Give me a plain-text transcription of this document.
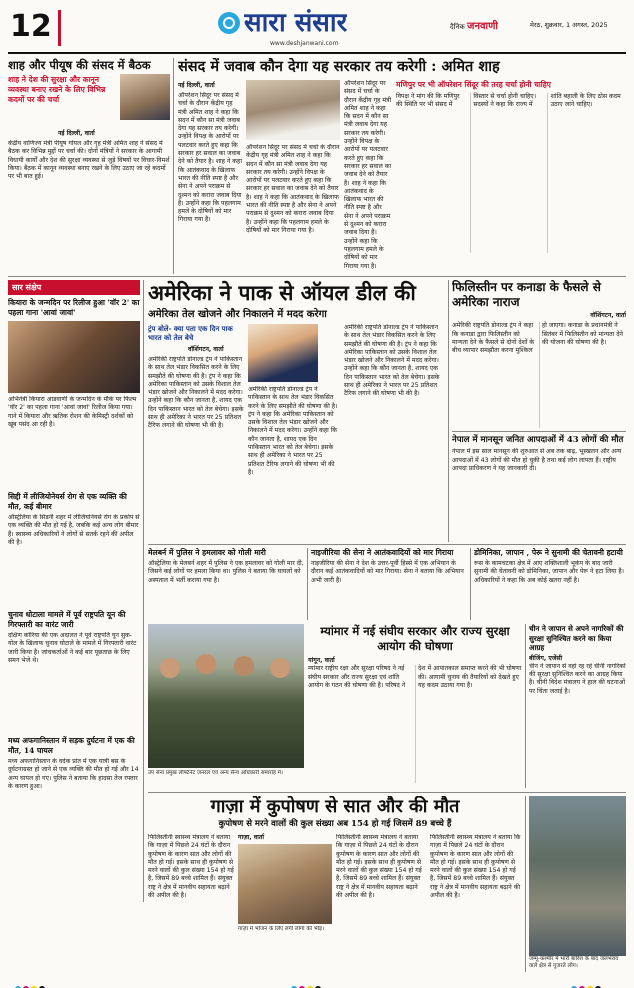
12	सारा संसार
www.deshjanwani.com
दैनिक जनवाणी	मेरठ, शुक्रवार, 1 अगस्त, 2025
शाह और पीयूष की संसद में बैठक
शाह ने देश की सुरक्षा और कानून व्यवस्था बनाए रखने के लिए विभिन्न कदमों पर की चर्चा
नई दिल्ली, वार्ता
केंद्रीय वाणिज्य मंत्री पीयूष गोयल और गृह मंत्री अमित शाह ने संसद में बैठक कर विभिन्न मुद्दों पर चर्चा की। दोनों मंत्रियों ने सरकार के आगामी विधायी कार्यों और देश की सुरक्षा व्यवस्था से जुड़े विषयों पर विचार-विमर्श किया। बैठक में कानून व्यवस्था बनाए रखने के लिए उठाए जा रहे कदमों पर भी बात हुई।
संसद में जवाब कौन देगा यह सरकार तय करेगी : अमित शाह
नई दिल्ली, वार्ता
ऑपरेशन सिंदूर पर संसद में चर्चा के दौरान केंद्रीय गृह मंत्री अमित शाह ने कहा कि सदन में कौन सा मंत्री जवाब देगा यह सरकार तय करेगी। उन्होंने विपक्ष के आरोपों पर पलटवार करते हुए कहा कि सरकार हर सवाल का जवाब देने को तैयार है। शाह ने कहा कि आतंकवाद के खिलाफ भारत की नीति स्पष्ट है और सेना ने अपने पराक्रम से दुश्मन को करारा जवाब दिया है। उन्होंने कहा कि पहलगाम हमले के दोषियों को मार गिराया गया है।
ऑपरेशन सिंदूर पर संसद में चर्चा के दौरान केंद्रीय गृह मंत्री अमित शाह ने कहा कि सदन में कौन सा मंत्री जवाब देगा यह सरकार तय करेगी। उन्होंने विपक्ष के आरोपों पर पलटवार करते हुए कहा कि सरकार हर सवाल का जवाब देने को तैयार है। शाह ने कहा कि आतंकवाद के खिलाफ भारत की नीति स्पष्ट है और सेना ने अपने पराक्रम से दुश्मन को करारा जवाब दिया है। उन्होंने कहा कि पहलगाम हमले के दोषियों को मार गिराया गया है।
ऑपरेशन सिंदूर पर संसद में चर्चा के दौरान केंद्रीय गृह मंत्री अमित शाह ने कहा कि सदन में कौन सा मंत्री जवाब देगा यह सरकार तय करेगी। उन्होंने विपक्ष के आरोपों पर पलटवार करते हुए कहा कि सरकार हर सवाल का जवाब देने को तैयार है। शाह ने कहा कि आतंकवाद के खिलाफ भारत की नीति स्पष्ट है और सेना ने अपने पराक्रम से दुश्मन को करारा जवाब दिया है। उन्होंने कहा कि पहलगाम हमले के दोषियों को मार गिराया गया है।
मणिपुर पर भी ऑपरेशन सिंदूर की तरह चर्चा होनी चाहिए
विपक्ष ने मांग की कि मणिपुर की स्थिति पर भी संसद में विस्तार से चर्चा होनी चाहिए। सदस्यों ने कहा कि राज्य में शांति बहाली के लिए ठोस कदम उठाए जाने चाहिए।
सार संक्षेप
कियारा के जन्मदिन पर रिलीज हुआ 'वॉर 2' का पहला गाना 'आवां जावां'
अभिनेत्री कियारा आडवाणी के जन्मदिन के मौके पर फिल्म 'वॉर 2' का पहला गाना 'आवां जावां' रिलीज किया गया। गाने में कियारा और ऋतिक रोशन की केमिस्ट्री दर्शकों को खूब पसंद आ रही है।
सिद्दी में लीजियोनेयर्स रोग से एक व्यक्ति की मौत, कई बीमार
ऑस्ट्रेलिया के सिडनी शहर में लीजियोनेयर्स रोग के प्रकोप से एक व्यक्ति की मौत हो गई है, जबकि कई अन्य लोग बीमार हैं। स्वास्थ्य अधिकारियों ने लोगों से सतर्क रहने की अपील की है।
चुनाव धोटाला मामले में पूर्व राष्ट्रपति यून की गिरफ्तारी का वारंट जारी
दक्षिण कोरिया की एक अदालत ने पूर्व राष्ट्रपति यून सुक-योल के खिलाफ चुनाव घोटाले के मामले में गिरफ्तारी वारंट जारी किया है। जांचकर्ताओं ने कई बार पूछताछ के लिए समन भेजे थे।
मध्य अफगानिस्तान में सड़क दुर्घटना में एक की मौत, 14 घायल
मध्य अफगानिस्तान के वर्दक प्रांत में एक यात्री बस के दुर्घटनाग्रस्त हो जाने से एक व्यक्ति की मौत हो गई और 14 अन्य घायल हो गए। पुलिस ने बताया कि हादसा तेज रफ्तार के कारण हुआ।
अमेरिका ने पाक से ऑयल डील की
अमेरिका तेल खोजने और निकालने में मदद करेगा
ट्रंप बोले- क्या पता एक दिन पाक भारत को तेल बेचे
वॉशिंगटन, वार्ता
अमेरिकी राष्ट्रपति डोनाल्ड ट्रंप ने पाकिस्तान के साथ तेल भंडार विकसित करने के लिए समझौते की घोषणा की है। ट्रंप ने कहा कि अमेरिका पाकिस्तान को उसके विशाल तेल भंडार खोजने और निकालने में मदद करेगा। उन्होंने कहा कि कौन जानता है, शायद एक दिन पाकिस्तान भारत को तेल बेचेगा। इसके साथ ही अमेरिका ने भारत पर 25 प्रतिशत टैरिफ लगाने की घोषणा भी की है।
अमेरिकी राष्ट्रपति डोनाल्ड ट्रंप ने पाकिस्तान के साथ तेल भंडार विकसित करने के लिए समझौते की घोषणा की है। ट्रंप ने कहा कि अमेरिका पाकिस्तान को उसके विशाल तेल भंडार खोजने और निकालने में मदद करेगा। उन्होंने कहा कि कौन जानता है, शायद एक दिन पाकिस्तान भारत को तेल बेचेगा। इसके साथ ही अमेरिका ने भारत पर 25 प्रतिशत टैरिफ लगाने की घोषणा भी की है।
अमेरिकी राष्ट्रपति डोनाल्ड ट्रंप ने पाकिस्तान के साथ तेल भंडार विकसित करने के लिए समझौते की घोषणा की है। ट्रंप ने कहा कि अमेरिका पाकिस्तान को उसके विशाल तेल भंडार खोजने और निकालने में मदद करेगा। उन्होंने कहा कि कौन जानता है, शायद एक दिन पाकिस्तान भारत को तेल बेचेगा। इसके साथ ही अमेरिका ने भारत पर 25 प्रतिशत टैरिफ लगाने की घोषणा भी की है।
फिलिस्तीन पर कनाडा के फैसले से अमेरिका नाराज
वॉशिंगटन, वार्ता
अमेरिकी राष्ट्रपति डोनाल्ड ट्रंप ने कहा कि कनाडा द्वारा फिलिस्तीन को मान्यता देने के फैसले से दोनों देशों के बीच व्यापार समझौता करना मुश्किल हो जाएगा। कनाडा के प्रधानमंत्री ने सितंबर में फिलिस्तीन को मान्यता देने की योजना की घोषणा की है।
नेपाल में मानसून जनित आपदाओं में 43 लोगों की मौत
नेपाल में इस साल मानसून की शुरुआत से अब तक बाढ़, भूस्खलन और अन्य आपदाओं में 43 लोगों की मौत हो चुकी है तथा कई लोग लापता हैं। राष्ट्रीय आपदा प्राधिकरण ने यह जानकारी दी।
मेलबर्न में पुलिस ने हमलावर को गोली मारी
ऑस्ट्रेलिया के मेलबर्न शहर में पुलिस ने एक हमलावर को गोली मार दी, जिसने कई लोगों पर हमला किया था। पुलिस ने बताया कि घायलों को अस्पताल में भर्ती कराया गया है।
नाइजीरिया की सेना ने आतंकवादियों को मार गिराया
नाइजीरिया की सेना ने देश के उत्तर-पूर्वी हिस्से में एक अभियान के दौरान कई आतंकवादियों को मार गिराया। सेना ने बताया कि अभियान अभी जारी है।
डोमिनिका, जापान , पेरू ने सुनामी की चेतावनी हटायी
रूस के कामचटका क्षेत्र में आए शक्तिशाली भूकंप के बाद जारी सुनामी की चेतावनी को डोमिनिका, जापान और पेरू ने हटा लिया है। अधिकारियों ने कहा कि अब कोई खतरा नहीं है।
उप सेना प्रमुख लेफ्टिनेंट जनरल एवं अन्य सैन्य अधिकारी समारोह में।
म्यांमार में नई संघीय सरकार और राज्य सुरक्षा आयोग की घोषणा
यांगून, वार्ता
म्यांमार राष्ट्रीय रक्षा और सुरक्षा परिषद ने नई संघीय सरकार और राज्य सुरक्षा एवं शांति आयोग के गठन की घोषणा की है। परिषद ने देश में आपातकाल समाप्त करने की भी घोषणा की। आगामी चुनाव की तैयारियों को देखते हुए यह कदम उठाया गया है।
चीन ने जापान से अपने नागरिकों की सुरक्षा सुनिश्चित करने का किया आग्रह
बीजिंग, एजेंसी
चीन ने जापान से वहां रह रहे चीनी नागरिकों की सुरक्षा सुनिश्चित करने का आग्रह किया है। चीनी विदेश मंत्रालय ने हाल की घटनाओं पर चिंता जताई है।
गाज़ा में कुपोषण से सात और की मौत
कुपोषण से मरने वालों की कुल संख्या अब 154 हो गई जिसमें 89 बच्चे हैं
गाज़ा, वार्ता
फिलिस्तीनी स्वास्थ्य मंत्रालय ने बताया कि गाज़ा में पिछले 24 घंटों के दौरान कुपोषण के कारण सात और लोगों की मौत हो गई। इसके साथ ही कुपोषण से मरने वालों की कुल संख्या 154 हो गई है, जिसमें 89 बच्चे शामिल हैं। संयुक्त राष्ट्र ने क्षेत्र में मानवीय सहायता बढ़ाने की अपील की है।
गाज़ा में भोजन के लिए लगी लोगों की भीड़।
फिलिस्तीनी स्वास्थ्य मंत्रालय ने बताया कि गाज़ा में पिछले 24 घंटों के दौरान कुपोषण के कारण सात और लोगों की मौत हो गई। इसके साथ ही कुपोषण से मरने वालों की कुल संख्या 154 हो गई है, जिसमें 89 बच्चे शामिल हैं। संयुक्त राष्ट्र ने क्षेत्र में मानवीय सहायता बढ़ाने की अपील की है।
फिलिस्तीनी स्वास्थ्य मंत्रालय ने बताया कि गाज़ा में पिछले 24 घंटों के दौरान कुपोषण के कारण सात और लोगों की मौत हो गई। इसके साथ ही कुपोषण से मरने वालों की कुल संख्या 154 हो गई है, जिसमें 89 बच्चे शामिल हैं। संयुक्त राष्ट्र ने क्षेत्र में मानवीय सहायता बढ़ाने की अपील की है।
जम्मू-कश्मीर में भारी बारिश के बाद जलभराव वाले क्षेत्र से गुजरते लोग।
